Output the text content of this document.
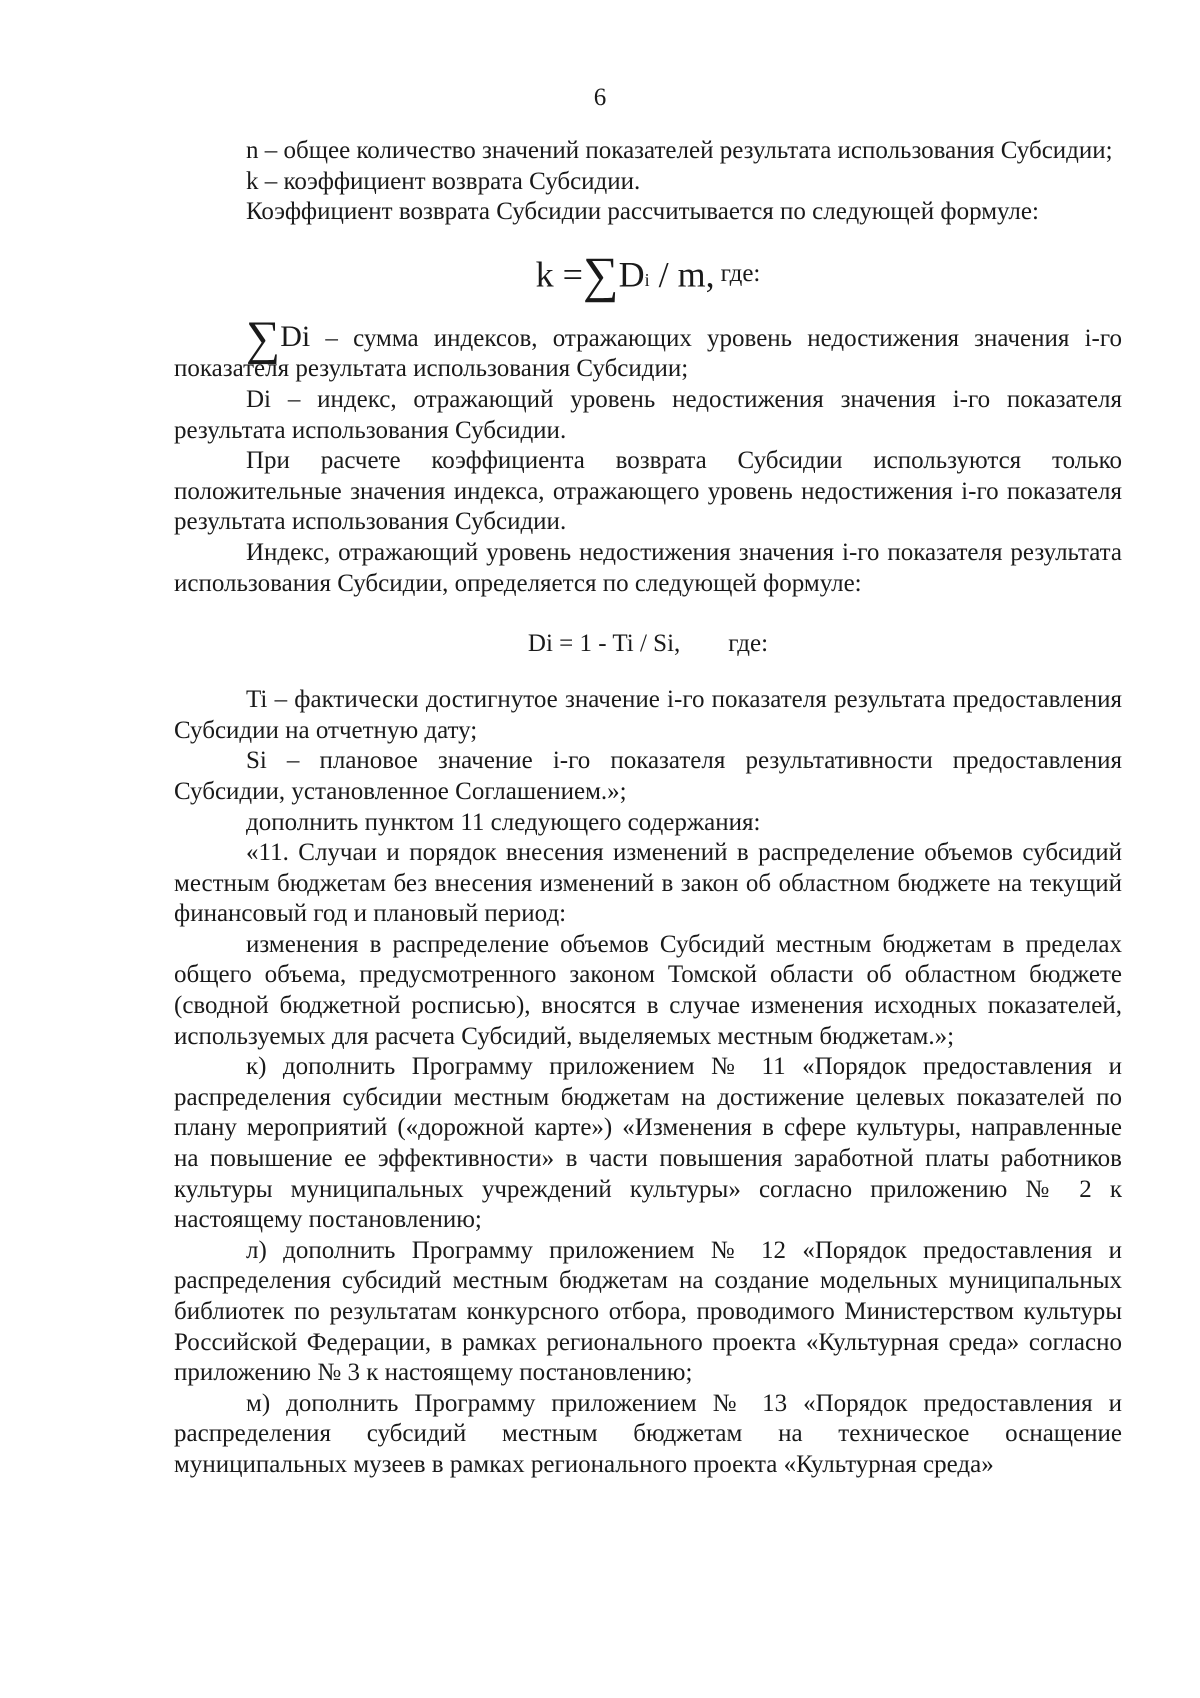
6

n – общее количество значений показателей результата использования Субсидии;

k – коэффициент возврата Субсидии.

Коэффициент возврата Субсидии рассчитывается по следующей формуле:

$k =\sum D_i / m$, где:

∑Di – сумма индексов, отражающих уровень недостижения значения i-го показателя результата использования Субсидии;

Di – индекс, отражающий уровень недостижения значения i-го показателя результата использования Субсидии.

При расчете коэффициента возврата Субсидии используются только положительные значения индекса, отражающего уровень недостижения i-го показателя результата использования Субсидии.

Индекс, отражающий уровень недостижения значения i-го показателя результата использования Субсидии, определяется по следующей формуле:

Di = 1 - Ti / Si, где:

Ti – фактически достигнутое значение i-го показателя результата предоставления Субсидии на отчетную дату;

Si – плановое значение i-го показателя результативности предоставления Субсидии, установленное Соглашением.»;

дополнить пунктом 11 следующего содержания:

«11. Случаи и порядок внесения изменений в распределение объемов субсидий местным бюджетам без внесения изменений в закон об областном бюджете на текущий финансовый год и плановый период:

изменения в распределение объемов Субсидий местным бюджетам в пределах общего объема, предусмотренного законом Томской области об областном бюджете (сводной бюджетной росписью), вносятся в случае изменения исходных показателей, используемых для расчета Субсидий, выделяемых местным бюджетам.»;

к) дополнить Программу приложением № 11 «Порядок предоставления и распределения субсидии местным бюджетам на достижение целевых показателей по плану мероприятий («дорожной карте») «Изменения в сфере культуры, направленные на повышение ее эффективности» в части повышения заработной платы работников культуры муниципальных учреждений культуры» согласно приложению № 2 к настоящему постановлению;

л) дополнить Программу приложением № 12 «Порядок предоставления и распределения субсидий местным бюджетам на создание модельных муниципальных библиотек по результатам конкурсного отбора, проводимого Министерством культуры Российской Федерации, в рамках регионального проекта «Культурная среда» согласно приложению № 3 к настоящему постановлению;

м) дополнить Программу приложением № 13 «Порядок предоставления и распределения субсидий местным бюджетам на техническое оснащение муниципальных музеев в рамках регионального проекта «Культурная среда»
